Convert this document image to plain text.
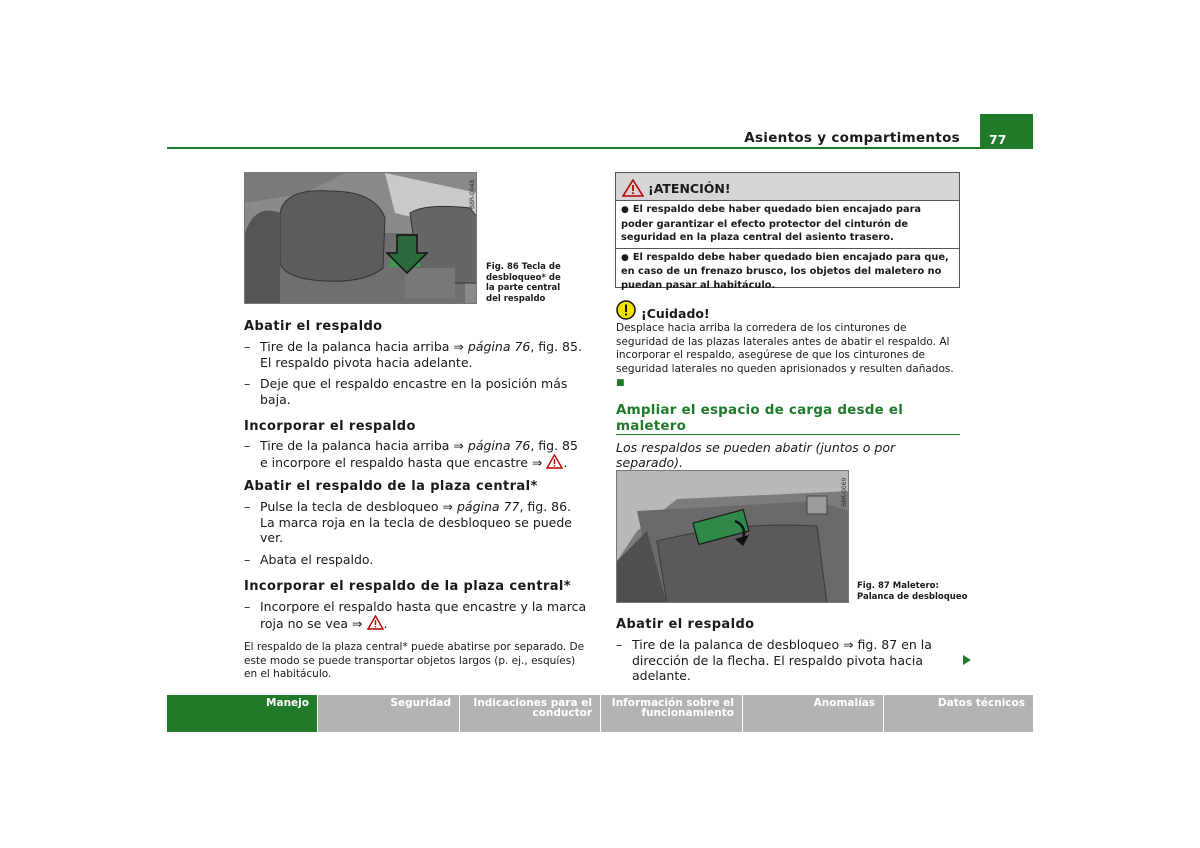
Asientos y compartimentos	77
B8R-0048
Fig. 86 Tecla de desbloqueo* de la parte central del respaldo
Abatir el respaldo
– Tire de la palanca hacia arriba ⇒ página 76, fig. 85. El respaldo pivota hacia adelante.
– Deje que el respaldo encastre en la posición más baja.
Incorporar el respaldo
– Tire de la palanca hacia arriba ⇒ página 76, fig. 85 e incorpore el respaldo hasta que encastre ⇒ .
Abatir el respaldo de la plaza central*
– Pulse la tecla de desbloqueo ⇒ página 77, fig. 86. La marca roja en la tecla de desbloqueo se puede ver.
– Abata el respaldo.
Incorporar el respaldo de la plaza central*
– Incorpore el respaldo hasta que encastre y la marca roja no se vea ⇒ .
El respaldo de la plaza central* puede abatirse por separado. De este modo se puede transportar objetos largos (p. ej., esquíes) en el habitáculo.
¡ATENCIÓN!
● El respaldo debe haber quedado bien encajado para poder garantizar el efecto protector del cinturón de seguridad en la plaza central del asiento trasero.
● El respaldo debe haber quedado bien encajado para que, en caso de un frenazo brusco, los objetos del maletero no puedan pasar al habitáculo.
¡Cuidado!
Desplace hacia arriba la corredera de los cinturones de seguridad de las plazas laterales antes de abatir el respaldo. Al incorporar el respaldo, asegúrese de que los cinturones de seguridad laterales no queden aprisionados y resulten dañados. ■
Ampliar el espacio de carga desde el maletero
Los respaldos se pueden abatir (juntos o por separado).
B8R-0069
Fig. 87 Maletero:
Palanca de desbloqueo
Abatir el respaldo
– Tire de la palanca de desbloqueo ⇒ fig. 87 en la dirección de la flecha. El respaldo pivota hacia adelante.
Manejo	Seguridad	Indicaciones para el conductor
Información sobre el funcionamiento
Anomalías	Datos técnicos
